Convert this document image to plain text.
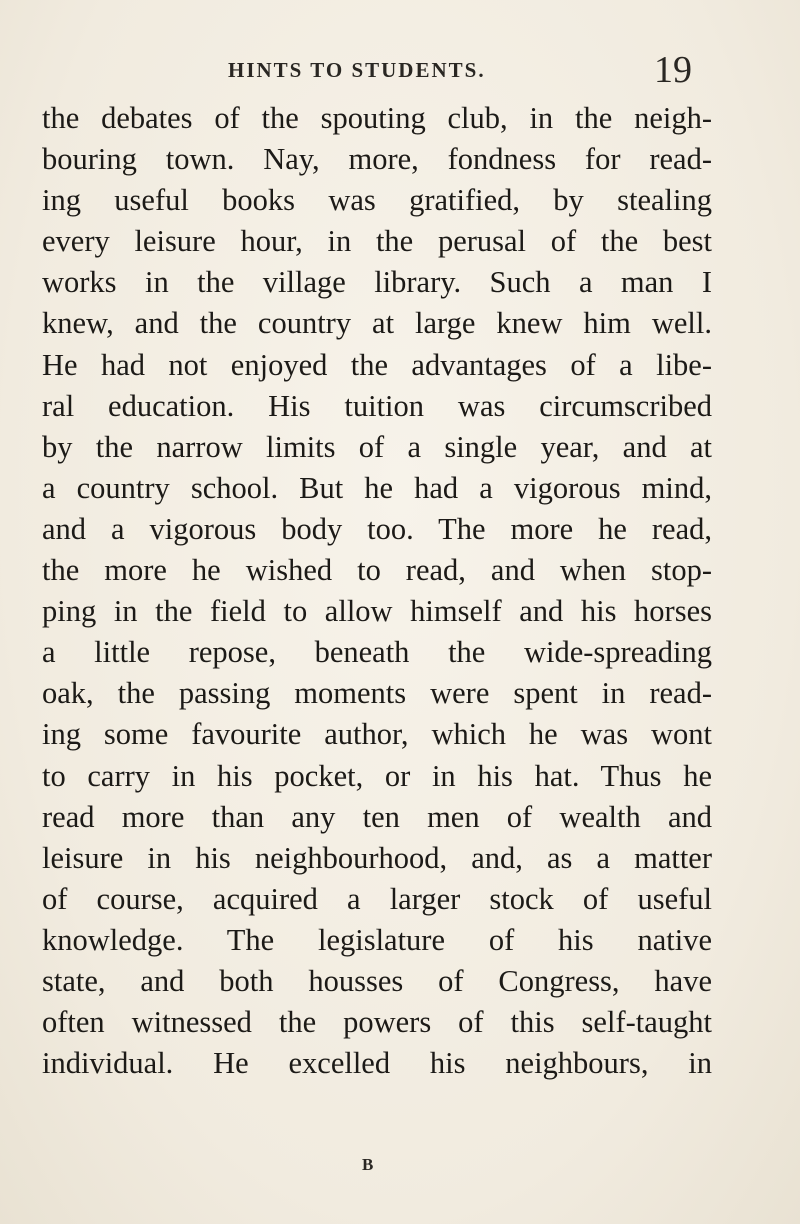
HINTS TO STUDENTS.	19
the debates of the spouting club, in the neigh-
bouring town. Nay, more, fondness for read-
ing useful books was gratified, by stealing
every leisure hour, in the perusal of the best
works in the village library. Such a man I
knew, and the country at large knew him well.
He had not enjoyed the advantages of a libe-
ral education. His tuition was circumscribed
by the narrow limits of a single year, and at
a country school. But he had a vigorous mind,
and a vigorous body too. The more he read,
the more he wished to read, and when stop-
ping in the field to allow himself and his horses
a little repose, beneath the wide-spreading
oak, the passing moments were spent in read-
ing some favourite author, which he was wont
to carry in his pocket, or in his hat. Thus he
read more than any ten men of wealth and
leisure in his neighbourhood, and, as a matter
of course, acquired a larger stock of useful
knowledge. The legislature of his native
state, and both housses of Congress, have
often witnessed the powers of this self-taught
individual. He excelled his neighbours, in
B
